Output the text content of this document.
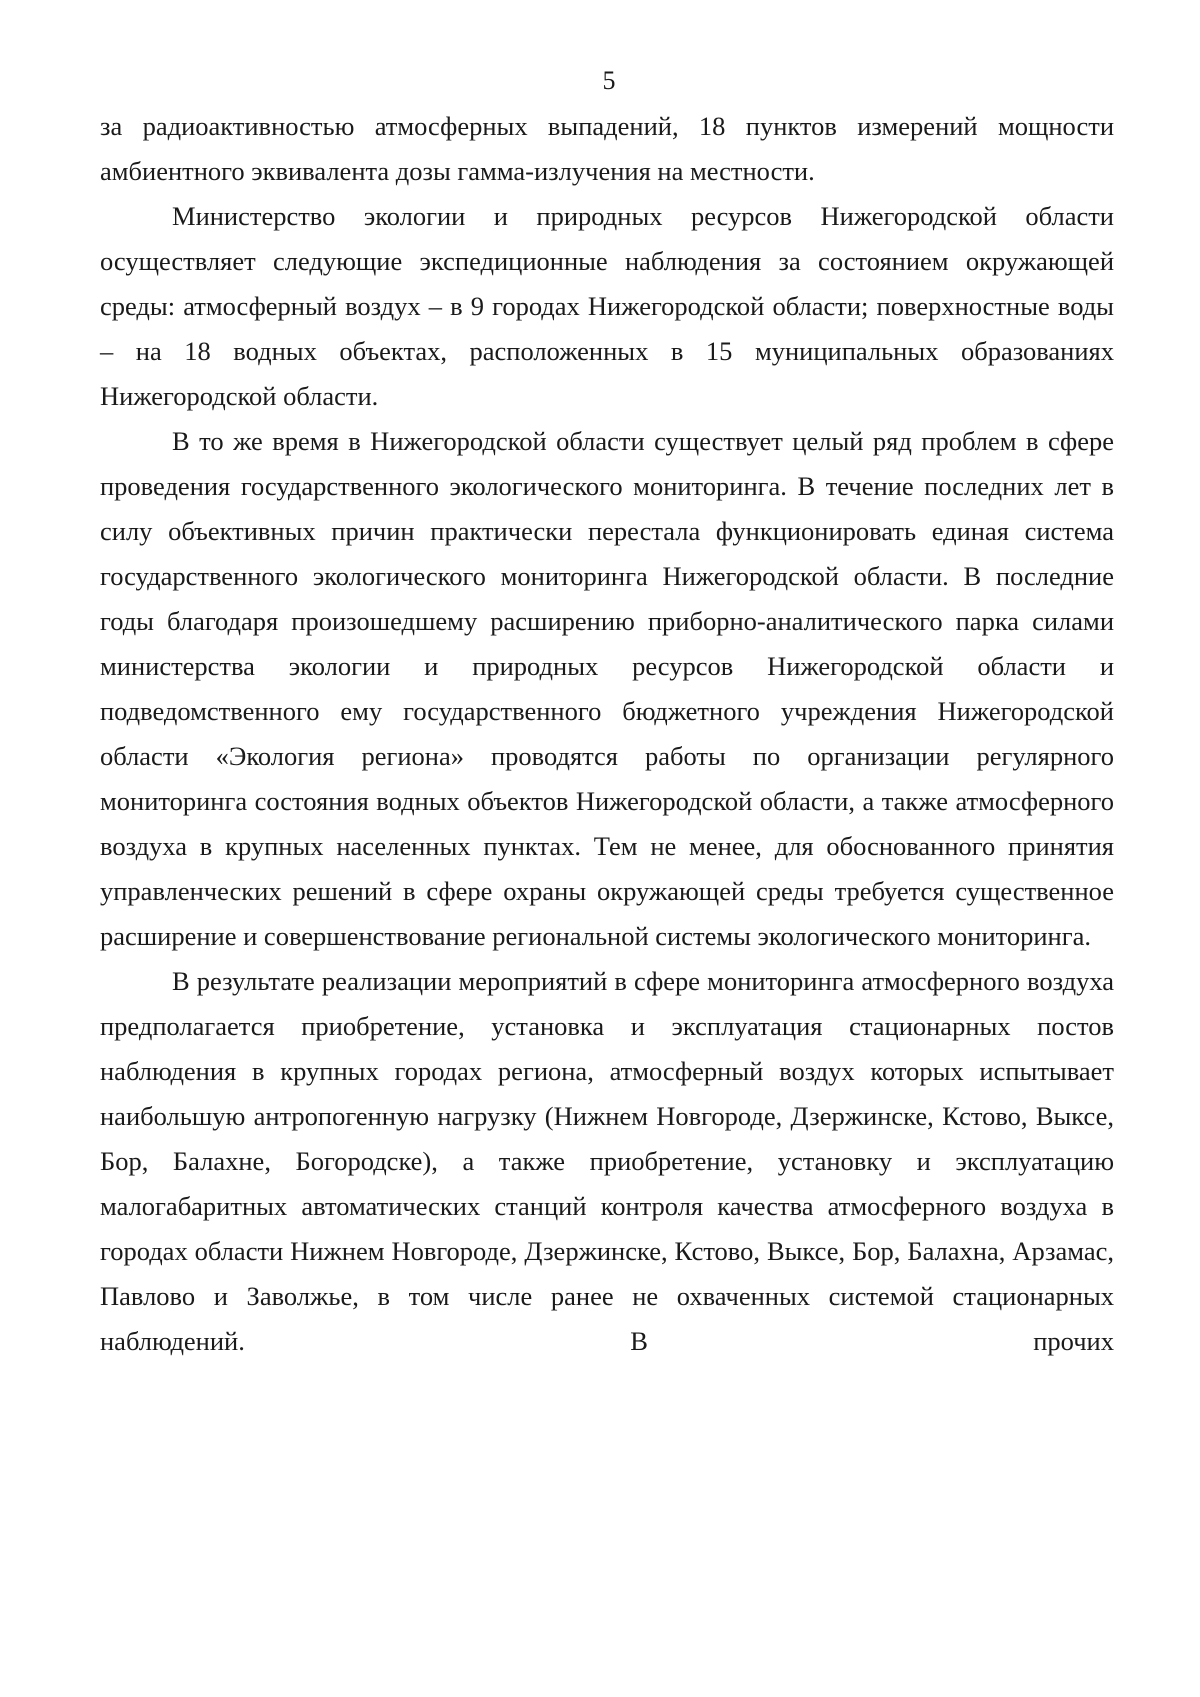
5

за радиоактивностью атмосферных выпадений, 18 пунктов измерений мощности амбиентного эквивалента дозы гамма-излучения на местности.

Министерство экологии и природных ресурсов Нижегородской области осуществляет следующие экспедиционные наблюдения за состоянием окружающей среды: атмосферный воздух – в 9 городах Нижегородской области; поверхностные воды – на 18 водных объектах, расположенных в 15 муниципальных образованиях Нижегородской области.

В то же время в Нижегородской области существует целый ряд проблем в сфере проведения государственного экологического мониторинга. В течение последних лет в силу объективных причин практически перестала функционировать единая система государственного экологического мониторинга Нижегородской области. В последние годы благодаря произошедшему расширению приборно-аналитического парка силами министерства экологии и природных ресурсов Нижегородской области и подведомственного ему государственного бюджетного учреждения Нижегородской области «Экология региона» проводятся работы по организации регулярного мониторинга состояния водных объектов Нижегородской области, а также атмосферного воздуха в крупных населенных пунктах. Тем не менее, для обоснованного принятия управленческих решений в сфере охраны окружающей среды требуется существенное расширение и совершенствование региональной системы экологического мониторинга.

В результате реализации мероприятий в сфере мониторинга атмосферного воздуха предполагается приобретение, установка и эксплуатация стационарных постов наблюдения в крупных городах региона, атмосферный воздух которых испытывает наибольшую антропогенную нагрузку (Нижнем Новгороде, Дзержинске, Кстово, Выксе, Бор, Балахне, Богородске), а также приобретение, установку и эксплуатацию малогабаритных автоматических станций контроля качества атмосферного воздуха в городах области Нижнем Новгороде, Дзержинске, Кстово, Выксе, Бор, Балахна, Арзамас, Павлово и Заволжье, в том числе ранее не охваченных системой стационарных наблюдений. В прочих
